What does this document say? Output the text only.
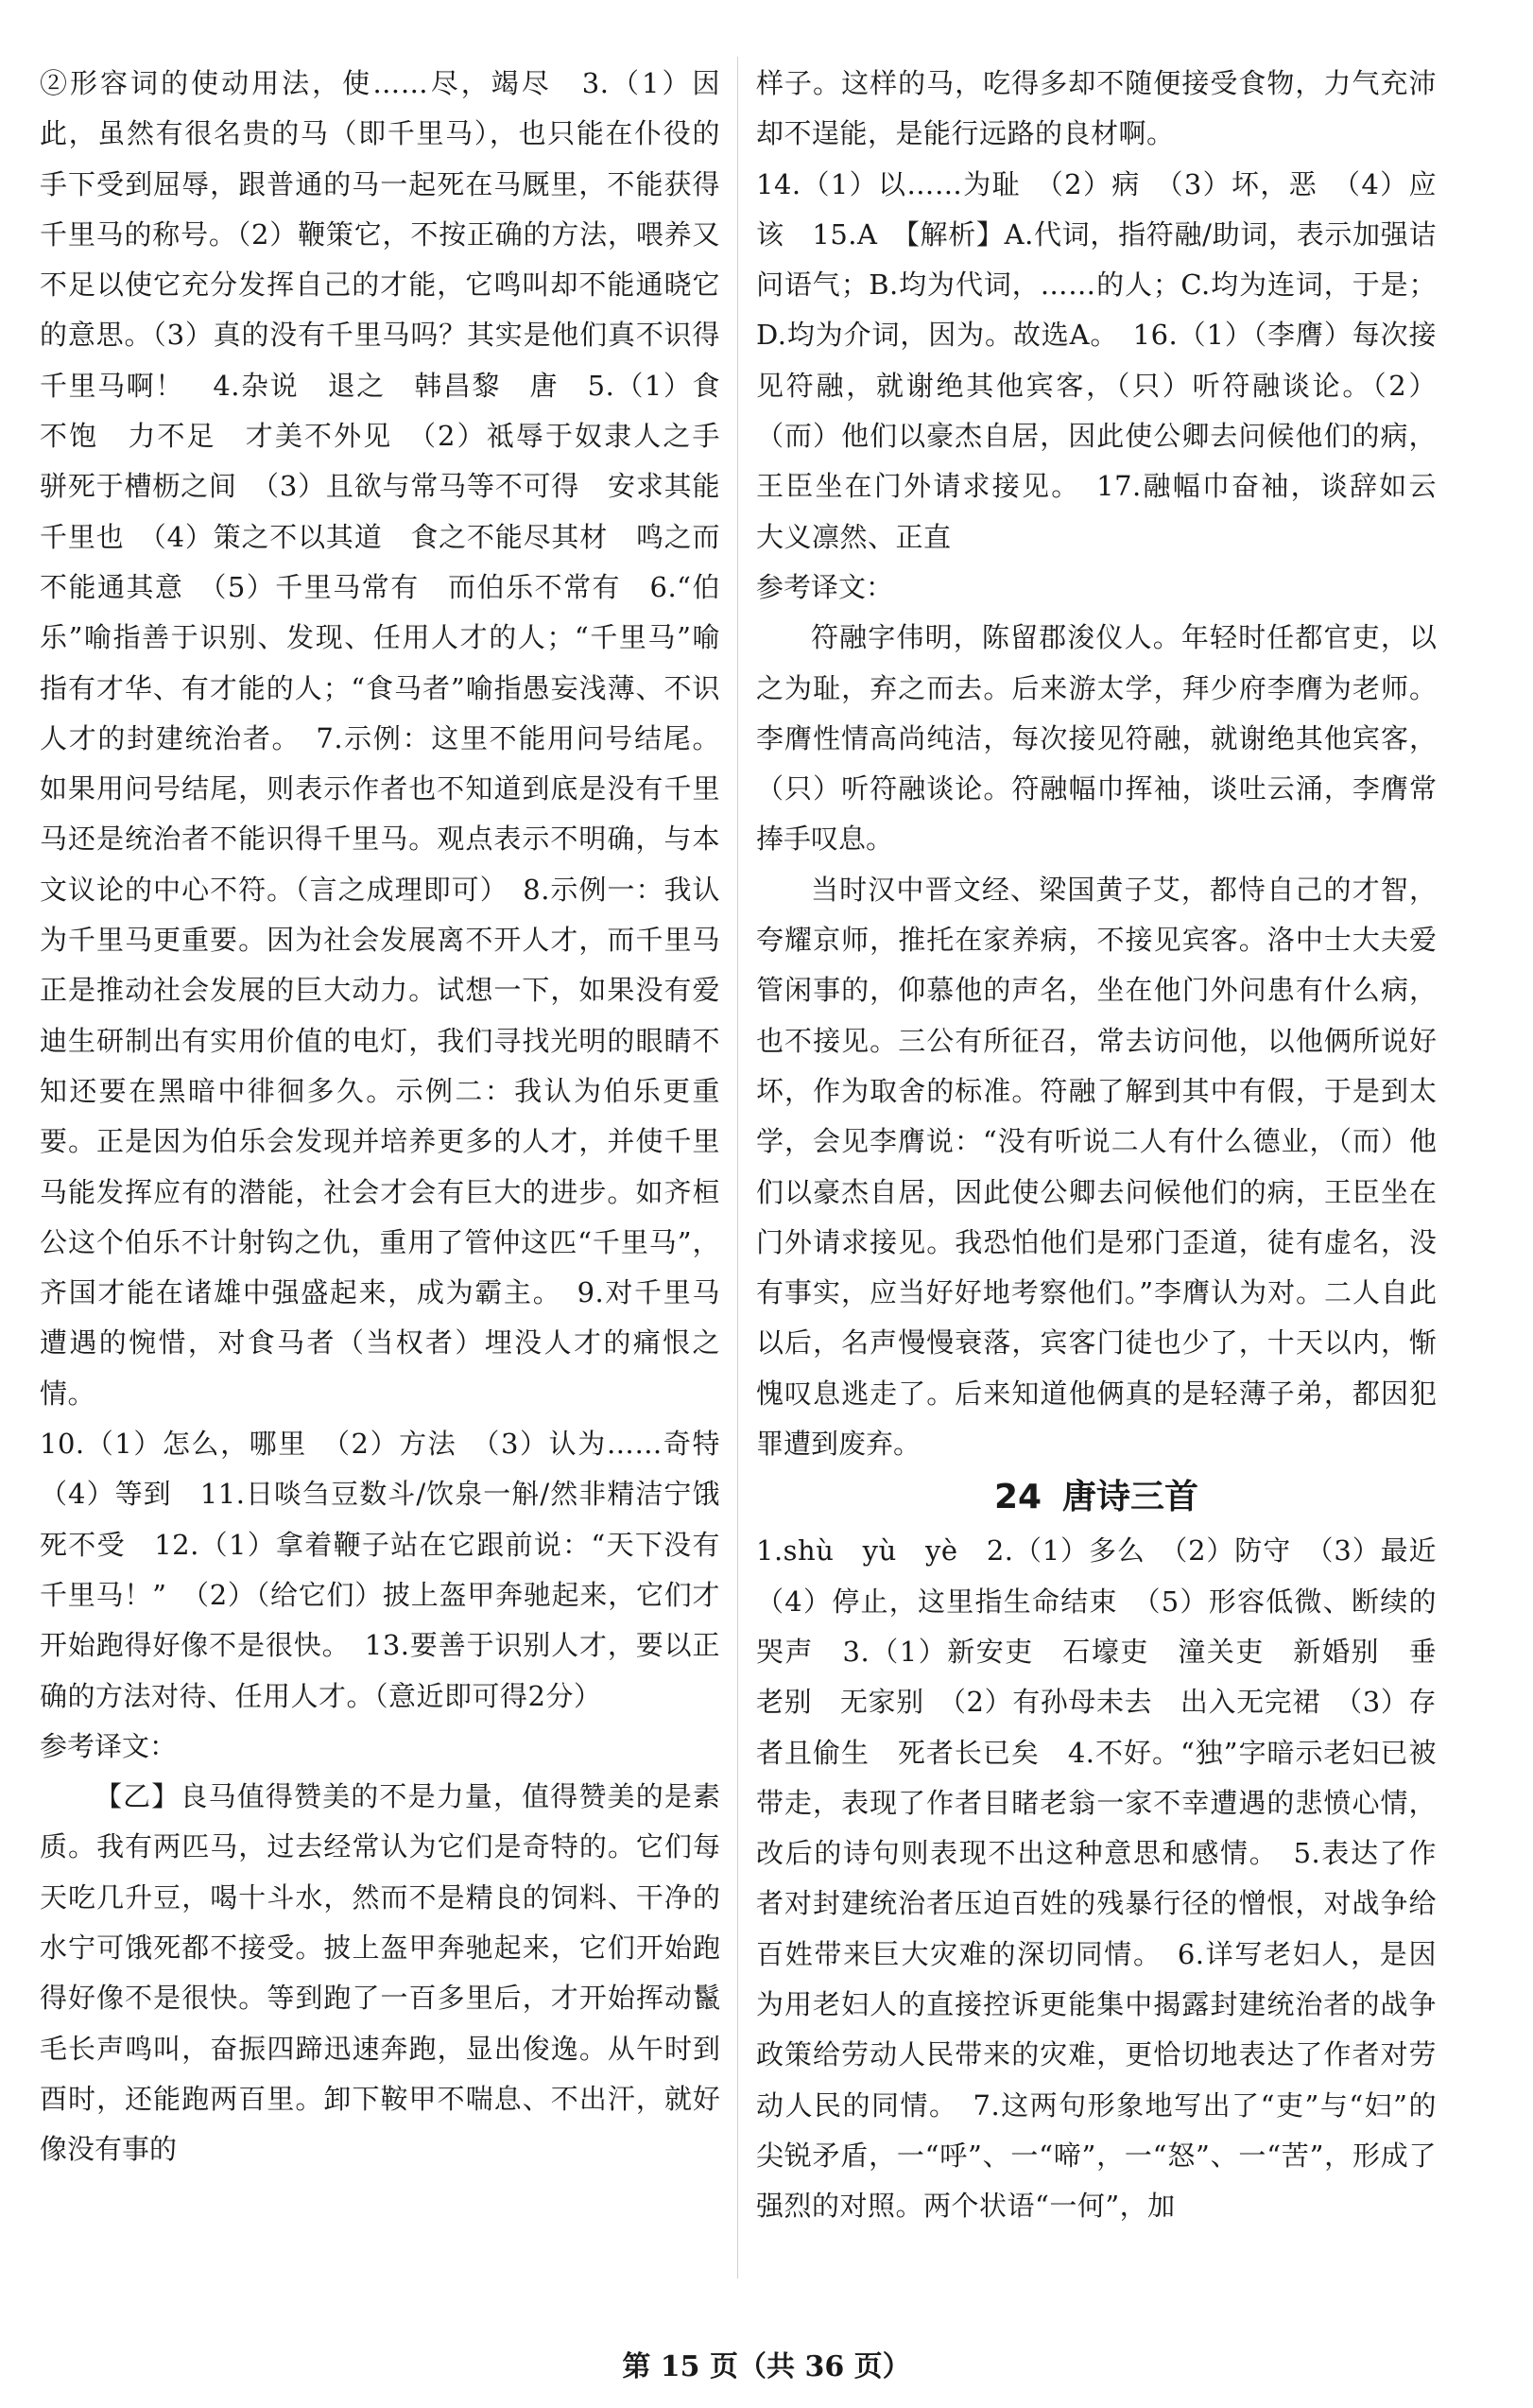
②形容词的使动用法，使……尽，竭尽　3.（1）因此，虽然有很名贵的马（即千里马），也只能在仆役的手下受到屈辱，跟普通的马一起死在马厩里，不能获得千里马的称号。（2）鞭策它，不按正确的方法，喂养又不足以使它充分发挥自己的才能，它鸣叫却不能通晓它的意思。（3）真的没有千里马吗？其实是他们真不识得千里马啊！　4.杂说　退之　韩昌黎　唐　5.（1）食不饱　力不足　才美不外见　（2）祗辱于奴隶人之手　骈死于槽枥之间　（3）且欲与常马等不可得　安求其能千里也　（4）策之不以其道　食之不能尽其材　鸣之而不能通其意　（5）千里马常有　而伯乐不常有　6.“伯乐”喻指善于识别、发现、任用人才的人；“千里马”喻指有才华、有才能的人；“食马者”喻指愚妄浅薄、不识人才的封建统治者。　7.示例：这里不能用问号结尾。如果用问号结尾，则表示作者也不知道到底是没有千里马还是统治者不能识得千里马。观点表示不明确，与本文议论的中心不符。（言之成理即可）　8.示例一：我认为千里马更重要。因为社会发展离不开人才，而千里马正是推动社会发展的巨大动力。试想一下，如果没有爱迪生研制出有实用价值的电灯，我们寻找光明的眼睛不知还要在黑暗中徘徊多久。示例二：我认为伯乐更重要。正是因为伯乐会发现并培养更多的人才，并使千里马能发挥应有的潜能，社会才会有巨大的进步。如齐桓公这个伯乐不计射钩之仇，重用了管仲这匹“千里马”，齐国才能在诸雄中强盛起来，成为霸主。　9.对千里马遭遇的惋惜，对食马者（当权者）埋没人才的痛恨之情。

10.（1）怎么，哪里　（2）方法　（3）认为……奇特　（4）等到　11.日啖刍豆数斗/饮泉一斛/然非精洁宁饿死不受　12.（1）拿着鞭子站在它跟前说：“天下没有千里马！”　（2）（给它们）披上盔甲奔驰起来，它们才开始跑得好像不是很快。　13.要善于识别人才，要以正确的方法对待、任用人才。（意近即可得2分）

参考译文：

【乙】良马值得赞美的不是力量，值得赞美的是素质。我有两匹马，过去经常认为它们是奇特的。它们每天吃几升豆，喝十斗水，然而不是精良的饲料、干净的水宁可饿死都不接受。披上盔甲奔驰起来，它们开始跑得好像不是很快。等到跑了一百多里后，才开始挥动鬣毛长声鸣叫，奋振四蹄迅速奔跑，显出俊逸。从午时到酉时，还能跑两百里。卸下鞍甲不喘息、不出汗，就好像没有事的

样子。这样的马，吃得多却不随便接受食物，力气充沛却不逞能，是能行远路的良材啊。

14.（1）以……为耻　（2）病　（3）坏，恶　（4）应该　15.A　【解析】A.代词，指符融/助词，表示加强诘问语气；B.均为代词，……的人；C.均为连词，于是；D.均为介词，因为。故选A。　16.（1）（李膺）每次接见符融，就谢绝其他宾客，（只）听符融谈论。（2）（而）他们以豪杰自居，因此使公卿去问候他们的病，王臣坐在门外请求接见。　17.融幅巾奋袖，谈辞如云　大义凛然、正直

参考译文：

符融字伟明，陈留郡浚仪人。年轻时任都官吏，以之为耻，弃之而去。后来游太学，拜少府李膺为老师。李膺性情高尚纯洁，每次接见符融，就谢绝其他宾客，（只）听符融谈论。符融幅巾挥袖，谈吐云涌，李膺常捧手叹息。

当时汉中晋文经、梁国黄子艾，都恃自己的才智，夸耀京师，推托在家养病，不接见宾客。洛中士大夫爱管闲事的，仰慕他的声名，坐在他门外问患有什么病，也不接见。三公有所征召，常去访问他，以他俩所说好坏，作为取舍的标准。符融了解到其中有假，于是到太学，会见李膺说：“没有听说二人有什么德业，（而）他们以豪杰自居，因此使公卿去问候他们的病，王臣坐在门外请求接见。我恐怕他们是邪门歪道，徒有虚名，没有事实，应当好好地考察他们。”李膺认为对。二人自此以后，名声慢慢衰落，宾客门徒也少了，十天以内，惭愧叹息逃走了。后来知道他俩真的是轻薄子弟，都因犯罪遭到废弃。

24 唐诗三首

1.shù　yù　yè　2.（1）多么　（2）防守　（3）最近　（4）停止，这里指生命结束　（5）形容低微、断续的哭声　3.（1）新安吏　石壕吏　潼关吏　新婚别　垂老别　无家别　（2）有孙母未去　出入无完裙　（3）存者且偷生　死者长已矣　4.不好。“独”字暗示老妇已被带走，表现了作者目睹老翁一家不幸遭遇的悲愤心情，改后的诗句则表现不出这种意思和感情。　5.表达了作者对封建统治者压迫百姓的残暴行径的憎恨，对战争给百姓带来巨大灾难的深切同情。　6.详写老妇人，是因为用老妇人的直接控诉更能集中揭露封建统治者的战争政策给劳动人民带来的灾难，更恰切地表达了作者对劳动人民的同情。　7.这两句形象地写出了“吏”与“妇”的尖锐矛盾，一“呼”、一“啼”，一“怒”、一“苦”，形成了强烈的对照。两个状语“一何”，加

第 15 页（共 36 页）
